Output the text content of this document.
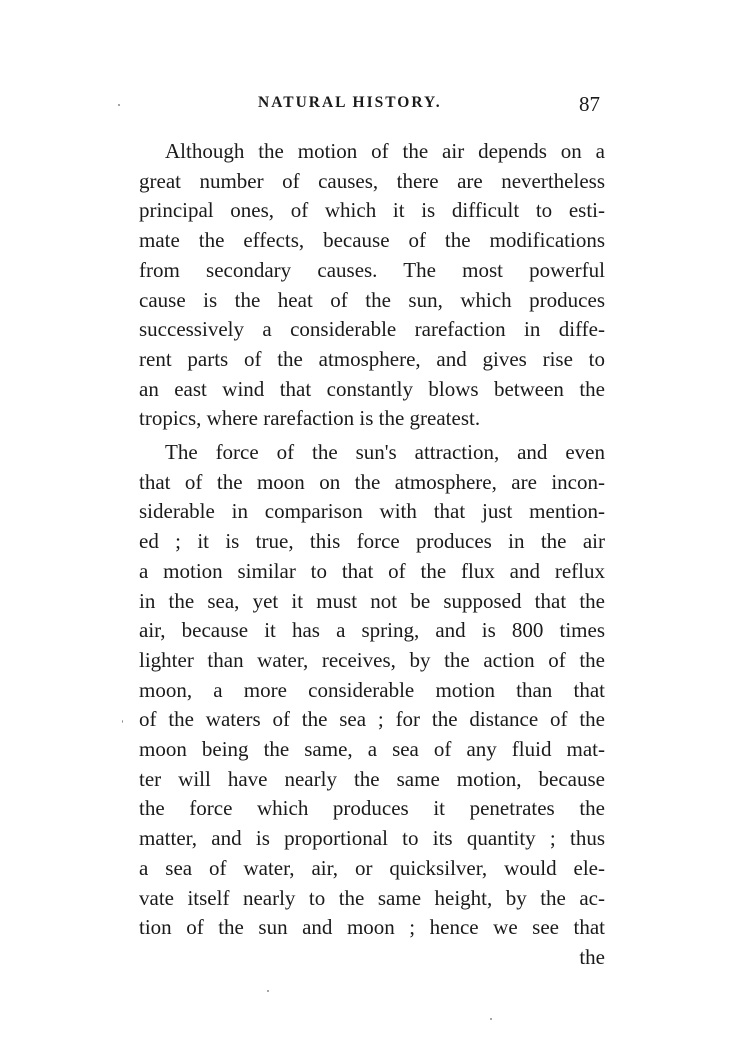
NATURAL HISTORY.	87
Although the motion of the air depends on a
great number of causes, there are nevertheless
principal ones, of which it is difficult to esti-
mate the effects, because of the modifications
from secondary causes. The most powerful
cause is the heat of the sun, which produces
successively a considerable rarefaction in diffe-
rent parts of the atmosphere, and gives rise to
an east wind that constantly blows between the
tropics, where rarefaction is the greatest.
The force of the sun's attraction, and even
that of the moon on the atmosphere, are incon-
siderable in comparison with that just mention-
ed ; it is true, this force produces in the air
a motion similar to that of the flux and reflux
in the sea, yet it must not be supposed that the
air, because it has a spring, and is 800 times
lighter than water, receives, by the action of the
moon, a more considerable motion than that
of the waters of the sea ; for the distance of the
moon being the same, a sea of any fluid mat-
ter will have nearly the same motion, because
the force which produces it penetrates the
matter, and is proportional to its quantity ; thus
a sea of water, air, or quicksilver, would ele-
vate itself nearly to the same height, by the ac-
tion of the sun and moon ; hence we see that
the
